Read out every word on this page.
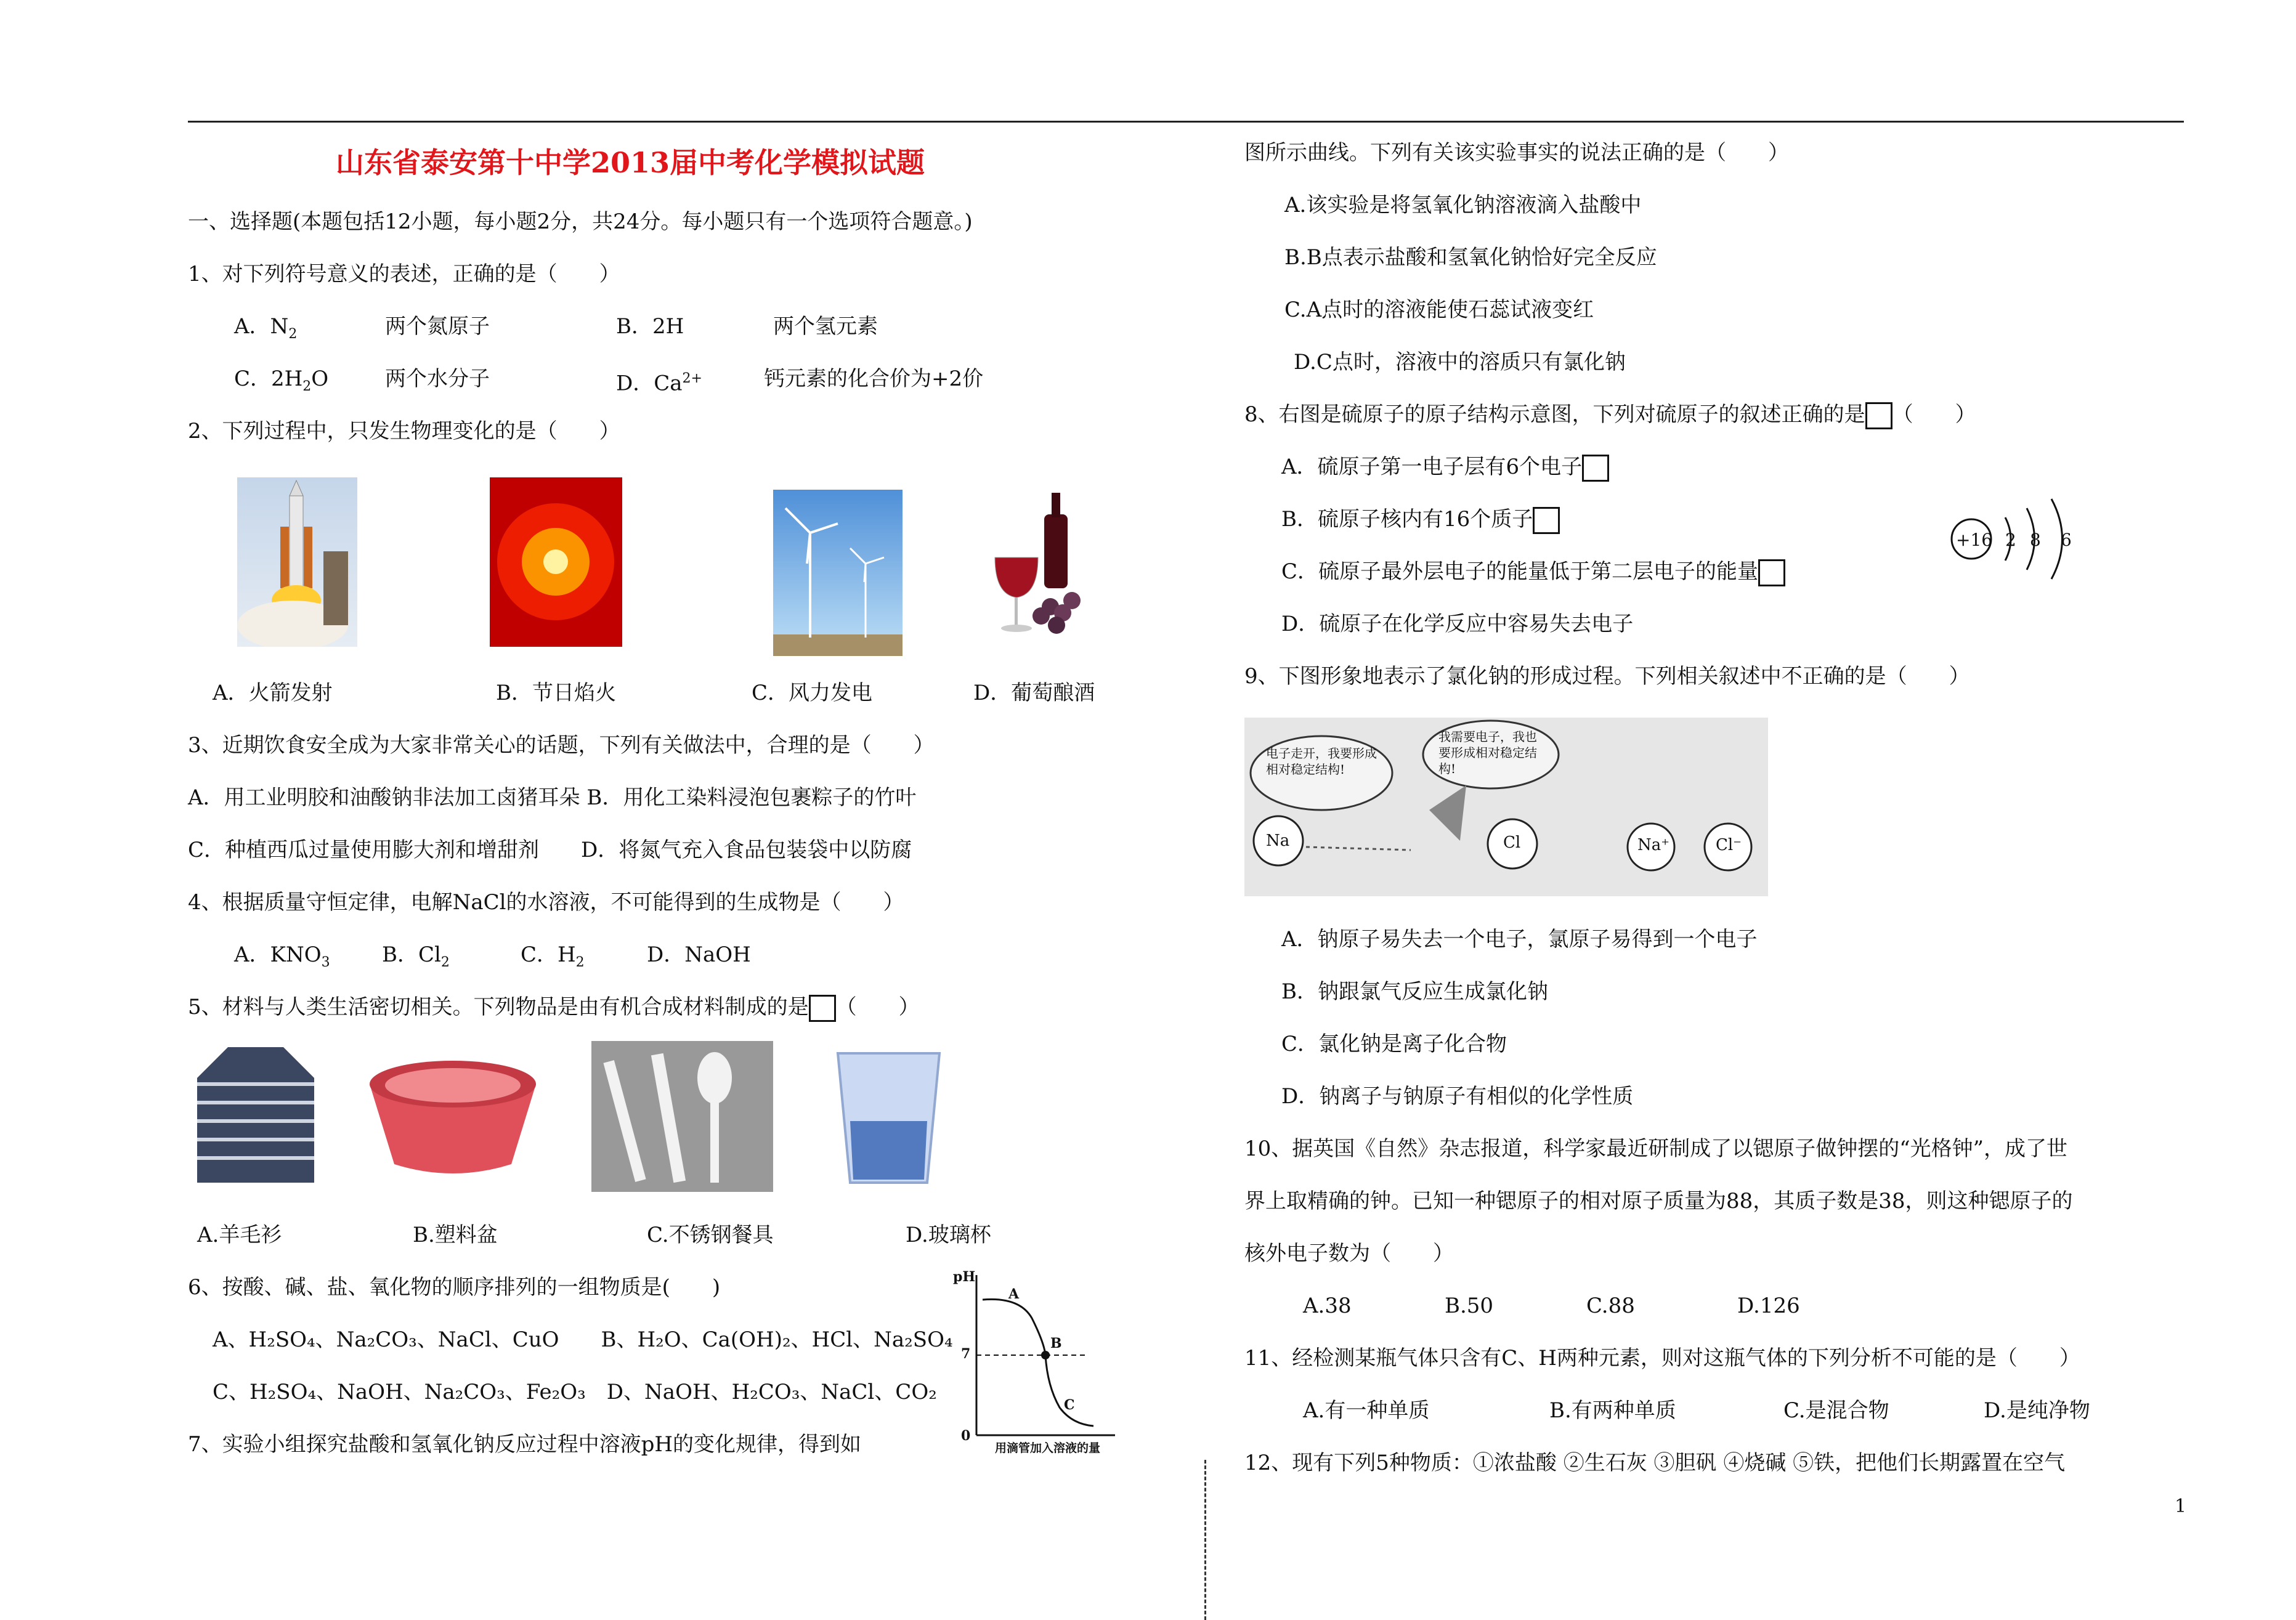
山东省泰安第十中学2013届中考化学模拟试题
一、选择题(本题包括12小题，每小题2分，共24分。每小题只有一个选项符合题意。)
1、对下列符号意义的表述，正确的是（　　）
A．$N_2$	两个氮原子	B．2H	两个氢元素
C．$2H_2O$	两个水分子	D．$Ca^{2+}$	钙元素的化合价为+2价
2、下列过程中，只发生物理变化的是（　　）
A．火箭发射	B．节日焰火	C．风力发电	D．葡萄酿酒
3、近期饮食安全成为大家非常关心的话题，下列有关做法中，合理的是（　　）
A．用工业明胶和油酸钠非法加工卤猪耳朵 B．用化工染料浸泡包裹粽子的竹叶
C．种植西瓜过量使用膨大剂和增甜剂　　D．将氮气充入食品包装袋中以防腐
4、根据质量守恒定律，电解NaCl的水溶液，不可能得到的生成物是（　　）
A．$KNO_3$ B．$Cl_2$	C．$H_2$	D．NaOH
5、材料与人类生活密切相关。下列物品是由有机合成材料制成的是 （　　）
A.羊毛衫	B.塑料盆	C.不锈钢餐具	D.玻璃杯
6、按酸、碱、盐、氧化物的顺序排列的一组物质是(　　)
A、H₂SO₄、Na₂CO₃、NaCl、CuO　　B、H₂O、Ca(OH)₂、HCl、Na₂SO₄
C、H₂SO₄、NaOH、Na₂CO₃、Fe₂O₃　D、NaOH、H₂CO₃、NaCl、CO₂
pH
7
0
A
B
C
用滴管加入溶液的量
7、实验小组探究盐酸和氢氧化钠反应过程中溶液pH的变化规律，得到如
图所示曲线。下列有关该实验事实的说法正确的是（　　）
A.该实验是将氢氧化钠溶液滴入盐酸中
B.B点表示盐酸和氢氧化钠恰好完全反应
C.A点时的溶液能使石蕊试液变红
D.C点时，溶液中的溶质只有氯化钠
8、右图是硫原子的原子结构示意图，下列对硫原子的叙述正确的是 （　　）
A．硫原子第一电子层有6个电子
B．硫原子核内有16个质子
C．硫原子最外层电子的能量低于第二层电子的能量
D．硫原子在化学反应中容易失去电子
+16 2 8 6
9、下图形象地表示了氯化钠的形成过程。下列相关叙述中不正确的是（　　）
电子走开，我要形成相对稳定结构!
我需要电子，我也要形成相对稳定结构!
Na	Cl	Na⁺	Cl⁻
A．钠原子易失去一个电子，氯原子易得到一个电子
B．钠跟氯气反应生成氯化钠
C．氯化钠是离子化合物
D．钠离子与钠原子有相似的化学性质
10、据英国《自然》杂志报道，科学家最近研制成了以锶原子做钟摆的“光格钟”，成了世
界上取精确的钟。已知一种锶原子的相对原子质量为88，其质子数是38，则这种锶原子的
核外电子数为（　　）
A.38	B.50	C.88	D.126
11、经检测某瓶气体只含有C、H两种元素，则对这瓶气体的下列分析不可能的是（　　）
A.有一种单质	B.有两种单质	C.是混合物	D.是纯净物
12、现有下列5种物质：①浓盐酸 ②生石灰 ③胆矾 ④烧碱 ⑤铁，把他们长期露置在空气
1
